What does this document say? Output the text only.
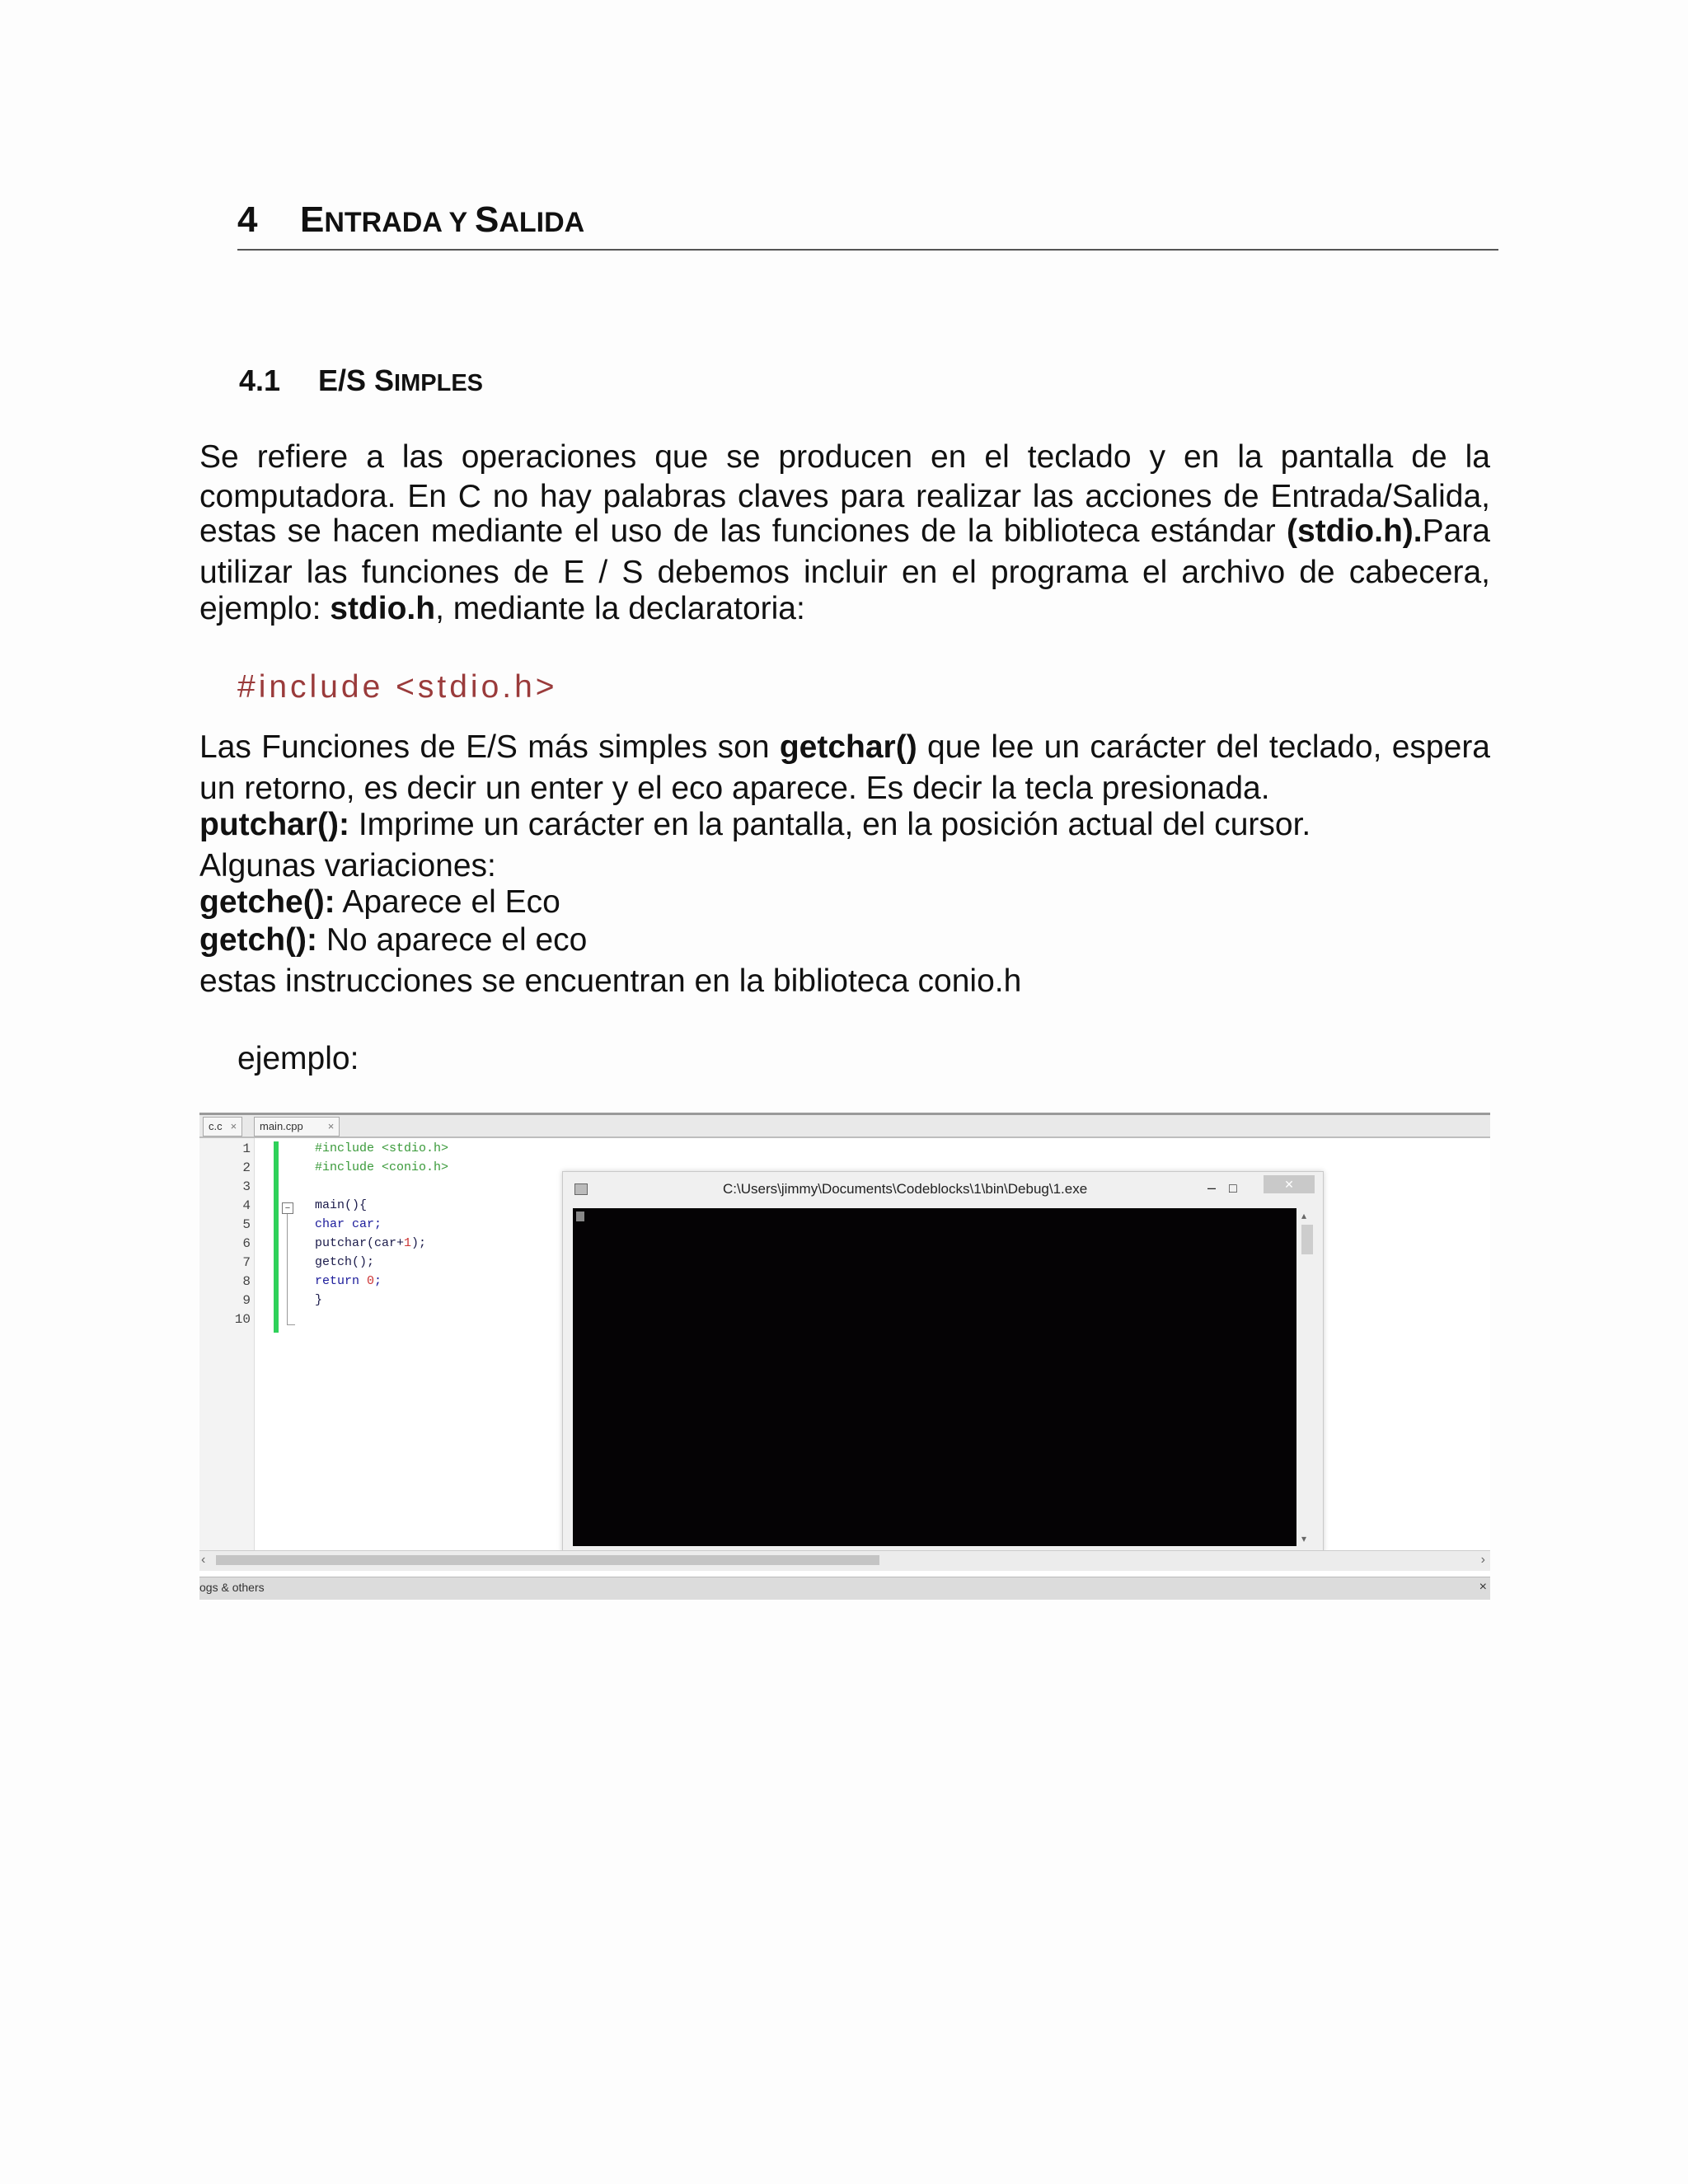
4	ENTRADA Y SALIDA
4.1	E/S SIMPLES
Se refiere a las operaciones que se producen en el teclado y en la pantalla de la
computadora. En C no hay palabras claves para realizar las acciones de Entrada/Salida,
estas se hacen mediante el uso de las funciones de la biblioteca estándar (stdio.h).Para
utilizar las funciones de E / S debemos incluir en el programa el archivo de cabecera,
ejemplo: stdio.h, mediante la declaratoria:
#include <stdio.h>
Las Funciones de E/S más simples son getchar() que lee un carácter del teclado, espera
un retorno, es decir un enter y el eco aparece. Es decir la tecla presionada.
putchar(): Imprime un carácter en la pantalla, en la posición actual del cursor.
Algunas variaciones:
getche(): Aparece el Eco
getch(): No aparece el eco
estas instrucciones se encuentran en la biblioteca conio.h
ejemplo:
c.c ×	main.cpp ×
1
2
3
4
5
6
7
8
9
10
−
#include <stdio.h>
#include <conio.h>
main(){
char car;
putchar(car+1);
getch();
return 0;
}
C:\Users\jimmy\Documents\Codeblocks\1\bin\Debug\1.exe	– □	✕
▴
▾
‹	›
ogs & others	×
